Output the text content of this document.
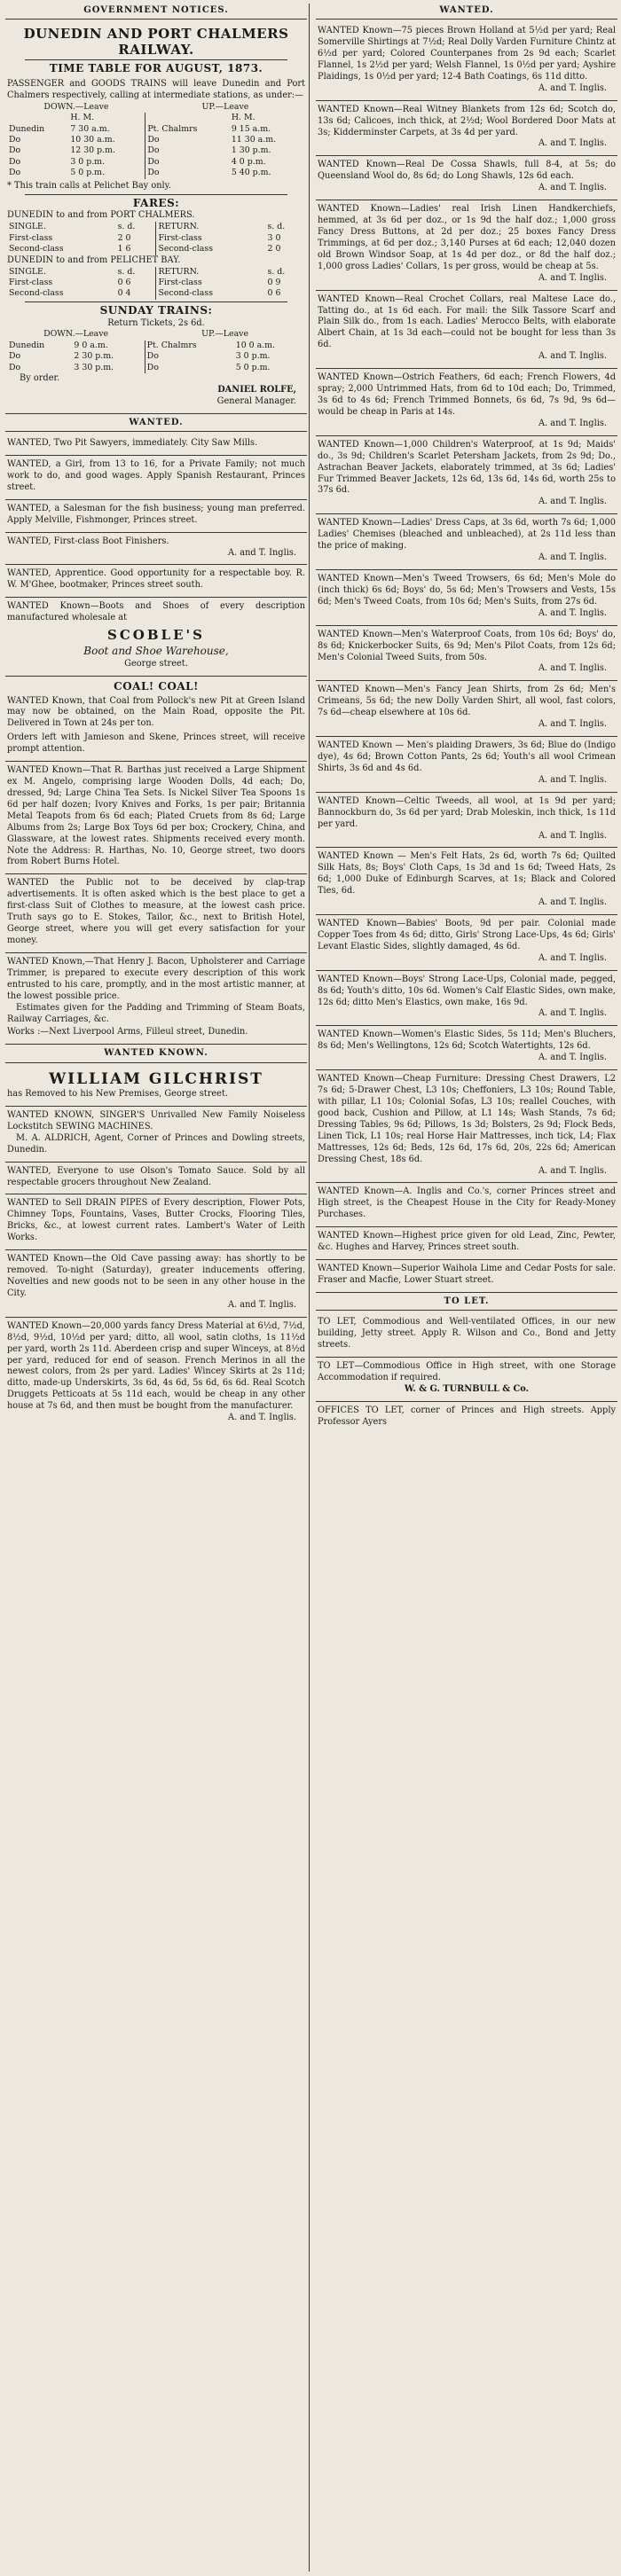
GOVERNMENT NOTICES.
DUNEDIN AND PORT CHALMERS RAILWAY.
TIME TABLE FOR AUGUST, 1873.

PASSENGER and GOODS TRAINS will leave Dunedin and Port Chalmers respectively, calling at intermediate stations, as under:—

DOWN.—Leave		UP.—Leave	
	H. M.		H. M.
Dunedin	7 30 a.m.	Pt. Chalmrs	9 15 a.m.
Do	10 30 a.m.	Do	11 30 a.m.
Do	12 30 p.m.	Do	1 30 p.m.
Do	3 0 p.m.	Do	4 0 p.m.
Do	5 0 p.m.	Do	5 40 p.m.

* This train calls at Pelichet Bay only.

FARES:

DUNEDIN to and from PORT CHALMERS.

SINGLE.	s. d.	RETURN.	s. d.
First-class	2 0	First-class	3 0
Second-class	1 6	Second-class	2 0

DUNEDIN to and from PELICHET BAY.

SINGLE.	s. d.	RETURN.	s. d.
First-class	0 6	First-class	0 9
Second-class	0 4	Second-class	0 6
SUNDAY TRAINS:

Return Tickets, 2s 6d.

DOWN.—Leave		UP.—Leave	
Dunedin	9 0 a.m.	Pt. Chalmrs	10 0 a.m.
Do	2 30 p.m.	Do	3 0 p.m.
Do	3 30 p.m.	Do	5 0 p.m.

By order.

DANIEL ROLFE,

General Manager.

WANTED.

WANTED, Two Pit Sawyers, immediately. City Saw Mills.

WANTED, a Girl, from 13 to 16, for a Private Family; not much work to do, and good wages. Apply Spanish Restaurant, Princes street.

WANTED, a Salesman for the fish business; young man preferred. Apply Melville, Fishmonger, Princes street.

WANTED, First-class Boot Finishers.

A. and T. Inglis.

WANTED, Apprentice. Good opportunity for a respectable boy. R. W. M'Ghee, bootmaker, Princes street south.

WANTED Known—Boots and Shoes of every description manufactured wholesale at

SCOBLE'S

Boot and Shoe Warehouse,

George street.

COAL! COAL!

WANTED Known, that Coal from Pollock's new Pit at Green Island may now be obtained, on the Main Road, opposite the Pit. Delivered in Town at 24s per ton.

Orders left with Jamieson and Skene, Princes street, will receive prompt attention.

WANTED Known—That R. Barthas just received a Large Shipment ex M. Angelo, comprising large Wooden Dolls, 4d each; Do, dressed, 9d; Large China Tea Sets. Is Nickel Silver Tea Spoons 1s 6d per half dozen; Ivory Knives and Forks, 1s per pair; Britannia Metal Teapots from 6s 6d each; Plated Cruets from 8s 6d; Large Albums from 2s; Large Box Toys 6d per box; Crockery, China, and Glassware, at the lowest rates. Shipments received every month. Note the Address: R. Harthas, No. 10, George street, two doors from Robert Burns Hotel.

WANTED the Public not to be deceived by clap-trap advertisements. It is often asked which is the best place to get a first-class Suit of Clothes to measure, at the lowest cash price. Truth says go to E. Stokes, Tailor, &c., next to British Hotel, George street, where you will get every satisfaction for your money.

WANTED Known,—That Henry J. Bacon, Upholsterer and Carriage Trimmer, is prepared to execute every description of this work entrusted to his care, promptly, and in the most artistic manner, at the lowest possible price.

Estimates given for the Padding and Trimming of Steam Boats, Railway Carriages, &c.

Works :—Next Liverpool Arms, Filleul street, Dunedin.

WANTED KNOWN.

WILLIAM GILCHRIST

has Removed to his New Premises, George street.

WANTED KNOWN, SINGER'S Unrivalled New Family Noiseless Lockstitch SEWING MACHINES.

M. A. ALDRICH, Agent, Corner of Princes and Dowling streets, Dunedin.

WANTED, Everyone to use Olson's Tomato Sauce. Sold by all respectable grocers throughout New Zealand.

WANTED to Sell DRAIN PIPES of Every description, Flower Pots, Chimney Tops, Fountains, Vases, Butter Crocks, Flooring Tiles, Bricks, &c., at lowest current rates. Lambert's Water of Leith Works.

WANTED Known—the Old Cave passing away: has shortly to be removed. To-night (Saturday), greater inducements offering. Novelties and new goods not to be seen in any other house in the City.

A. and T. Inglis.

WANTED Known—20,000 yards fancy Dress Material at 6½d, 7½d, 8½d, 9½d, 10½d per yard; ditto, all wool, satin cloths, 1s 11½d per yard, worth 2s 11d. Aberdeen crisp and super Winceys, at 8½d per yard, reduced for end of season. French Merinos in all the newest colors, from 2s per yard. Ladies' Wincey Skirts at 2s 11d; ditto, made-up Underskirts, 3s 6d, 4s 6d, 5s 6d, 6s 6d. Real Scotch Druggets Petticoats at 5s 11d each, would be cheap in any other house at 7s 6d, and then must be bought from the manufacturer.

A. and T. Inglis.

WANTED.

WANTED Known—75 pieces Brown Holland at 5½d per yard; Real Somerville Shirtings at 7½d; Real Dolly Varden Furniture Chintz at 6½d per yard; Colored Counterpanes from 2s 9d each; Scarlet Flannel, 1s 2½d per yard; Welsh Flannel, 1s 0½d per yard; Ayshire Plaidings, 1s 0½d per yard; 12-4 Bath Coatings, 6s 11d ditto.

A. and T. Inglis.

WANTED Known—Real Witney Blankets from 12s 6d; Scotch do, 13s 6d; Calicoes, inch thick, at 2½d; Wool Bordered Door Mats at 3s; Kidderminster Carpets, at 3s 4d per yard.

A. and T. Inglis.

WANTED Known—Real De Cossa Shawls, full 8-4, at 5s; do Queensland Wool do, 8s 6d; do Long Shawls, 12s 6d each.

A. and T. Inglis.

WANTED Known—Ladies' real Irish Linen Handkerchiefs, hemmed, at 3s 6d per doz., or 1s 9d the half doz.; 1,000 gross Fancy Dress Buttons, at 2d per doz.; 25 boxes Fancy Dress Trimmings, at 6d per doz.; 3,140 Purses at 6d each; 12,040 dozen old Brown Windsor Soap, at 1s 4d per doz., or 8d the half doz.; 1,000 gross Ladies' Collars, 1s per gross, would be cheap at 5s.

A. and T. Inglis.

WANTED Known—Real Crochet Collars, real Maltese Lace do., Tatting do., at 1s 6d each. For mail: the Silk Tassore Scarf and Plain Silk do., from 1s each. Ladies' Merocco Belts, with elaborate Albert Chain, at 1s 3d each—could not be bought for less than 3s 6d.

A. and T. Inglis.

WANTED Known—Ostrich Feathers, 6d each; French Flowers, 4d spray; 2,000 Untrimmed Hats, from 6d to 10d each; Do, Trimmed, 3s 6d to 4s 6d; French Trimmed Bonnets, 6s 6d, 7s 9d, 9s 6d—would be cheap in Paris at 14s.

A. and T. Inglis.

WANTED Known—1,000 Children's Waterproof, at 1s 9d; Maids' do., 3s 9d; Children's Scarlet Petersham Jackets, from 2s 9d; Do., Astrachan Beaver Jackets, elaborately trimmed, at 3s 6d; Ladies' Fur Trimmed Beaver Jackets, 12s 6d, 13s 6d, 14s 6d, worth 25s to 37s 6d.

A. and T. Inglis.

WANTED Known—Ladies' Dress Caps, at 3s 6d, worth 7s 6d; 1,000 Ladies' Chemises (bleached and unbleached), at 2s 11d less than the price of making.

A. and T. Inglis.

WANTED Known—Men's Tweed Trowsers, 6s 6d; Men's Mole do (inch thick) 6s 6d; Boys' do, 5s 6d; Men's Trowsers and Vests, 15s 6d; Men's Tweed Coats, from 10s 6d; Men's Suits, from 27s 6d.

A. and T. Inglis.

WANTED Known—Men's Waterproof Coats, from 10s 6d; Boys' do, 8s 6d; Knickerbocker Suits, 6s 9d; Men's Pilot Coats, from 12s 6d; Men's Colonial Tweed Suits, from 50s.

A. and T. Inglis.

WANTED Known—Men's Fancy Jean Shirts, from 2s 6d; Men's Crimeans, 5s 6d; the new Dolly Varden Shirt, all wool, fast colors, 7s 6d—cheap elsewhere at 10s 6d.

A. and T. Inglis.

WANTED Known — Men's plaiding Drawers, 3s 6d; Blue do (Indigo dye), 4s 6d; Brown Cotton Pants, 2s 6d; Youth's all wool Crimean Shirts, 3s 6d and 4s 6d.

A. and T. Inglis.

WANTED Known—Celtic Tweeds, all wool, at 1s 9d per yard; Bannockburn do, 3s 6d per yard; Drab Moleskin, inch thick, 1s 11d per yard.

A. and T. Inglis.

WANTED Known — Men's Felt Hats, 2s 6d, worth 7s 6d; Quilted Silk Hats, 8s; Boys' Cloth Caps, 1s 3d and 1s 6d; Tweed Hats, 2s 6d; 1,000 Duke of Edinburgh Scarves, at 1s; Black and Colored Ties, 6d.

A. and T. Inglis.

WANTED Known—Babies' Boots, 9d per pair. Colonial made Copper Toes from 4s 6d; ditto, Girls' Strong Lace-Ups, 4s 6d; Girls' Levant Elastic Sides, slightly damaged, 4s 6d.

A. and T. Inglis.

WANTED Known—Boys' Strong Lace-Ups, Colonial made, pegged, 8s 6d; Youth's ditto, 10s 6d. Women's Calf Elastic Sides, own make, 12s 6d; ditto Men's Elastics, own make, 16s 9d.

A. and T. Inglis.

WANTED Known—Women's Elastic Sides, 5s 11d; Men's Bluchers, 8s 6d; Men's Wellingtons, 12s 6d; Scotch Watertights, 12s 6d.

A. and T. Inglis.

WANTED Known—Cheap Furniture: Dressing Chest Drawers, L2 7s 6d; 5-Drawer Chest, L3 10s; Cheffoniers, L3 10s; Round Table, with pillar, L1 10s; Colonial Sofas, L3 10s; reallel Couches, with good back, Cushion and Pillow, at L1 14s; Wash Stands, 7s 6d; Dressing Tables, 9s 6d; Pillows, 1s 3d; Bolsters, 2s 9d; Flock Beds, Linen Tick, L1 10s; real Horse Hair Mattresses, inch tick, L4; Flax Mattresses, 12s 6d; Beds, 12s 6d, 17s 6d, 20s, 22s 6d; American Dressing Chest, 18s 6d.

A. and T. Inglis.

WANTED Known—A. Inglis and Co.'s, corner Princes street and High street, is the Cheapest House in the City for Ready-Money Purchases.

WANTED Known—Highest price given for old Lead, Zinc, Pewter, &c. Hughes and Harvey, Princes street south.

WANTED Known—Superior Waihola Lime and Cedar Posts for sale. Fraser and Macfie, Lower Stuart street.

TO LET.

TO LET, Commodious and Well-ventilated Offices, in our new building, Jetty street. Apply R. Wilson and Co., Bond and Jetty streets.

TO LET—Commodious Office in High street, with one Storage Accommodation if required.

W. & G. TURNBULL & Co.

OFFICES TO LET, corner of Princes and High streets. Apply Professor Ayers
